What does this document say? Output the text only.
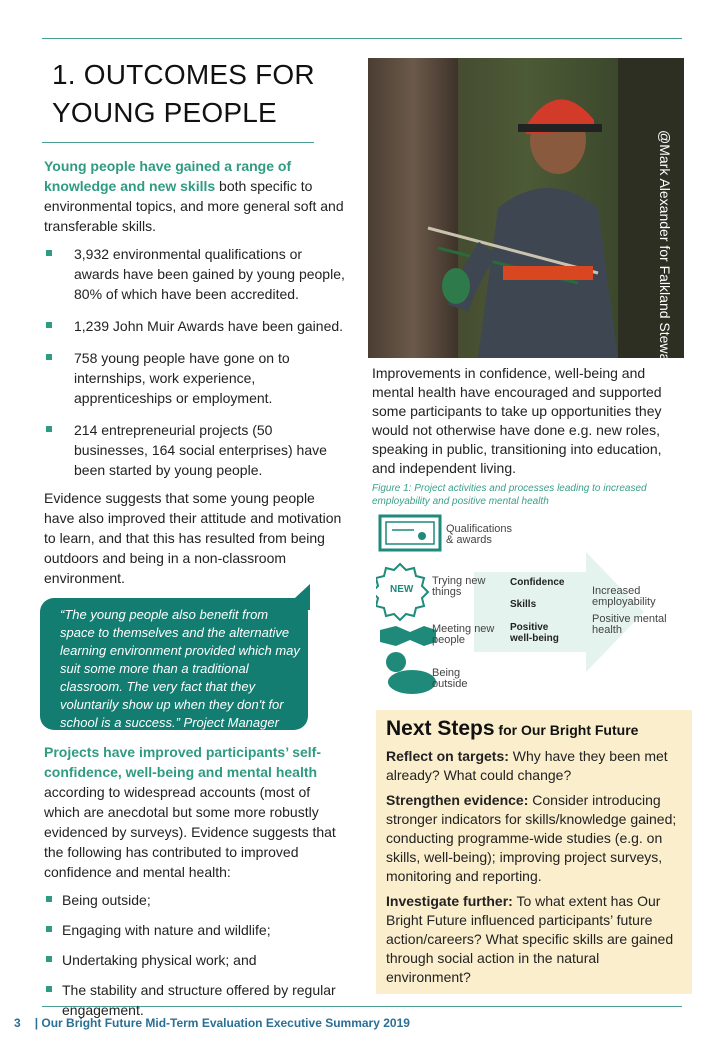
1. OUTCOMES FOR YOUNG PEOPLE

Young people have gained a range of knowledge and new skills both specific to environmental topics, and more general soft and transferable skills.

3,932 environmental qualifications or awards have been gained by young people, 80% of which have been accredited.
1,239 John Muir Awards have been gained.
758 young people have gone on to internships, work experience, apprenticeships or employment.
214 entrepreneurial projects (50 businesses, 164 social enterprises) have been started by young people.

Evidence suggests that some young people have also improved their attitude and motivation to learn, and that this has resulted from being outdoors and being in a non-classroom environment.

“The young people also benefit from space to themselves and the alternative learning environment provided which may suit some more than a traditional classroom. The very fact that they voluntarily show up when they don't for school is a success.” Project Manager

Projects have improved participants’ self-confidence, well-being and mental health according to widespread accounts (most of which are anecdotal but some more robustly evidenced by surveys). Evidence suggests that the following has contributed to improved confidence and mental health:

Being outside;
Engaging with nature and wildlife;
Undertaking physical work; and
The stability and structure offered by regular engagement.
@Mark Alexander for Falkland Stewardship Trust

Improvements in confidence, well-being and mental health have encouraged and supported some participants to take up opportunities they would not otherwise have done e.g. new roles, speaking in public, transitioning into education, and independent living.

Figure 1: Project activities and processes leading to increased employability and positive mental health

NEW
Qualifications & awards
Trying new things
Meeting new people
Being outside
Confidence
Skills
Positive well-being
Increased employability
Positive mental health
Next Steps for Our Bright Future

Reflect on targets: Why have they been met already? What could change?

Strengthen evidence: Consider introducing stronger indicators for skills/knowledge gained; conducting programme-wide studies (e.g. on skills, well-being); improving project surveys, monitoring and reporting.

Investigate further: To what extent has Our Bright Future influenced participants’ future action/careers? What specific skills are gained through social action in the natural environment?

3 | Our Bright Future Mid-Term Evaluation Executive Summary 2019
